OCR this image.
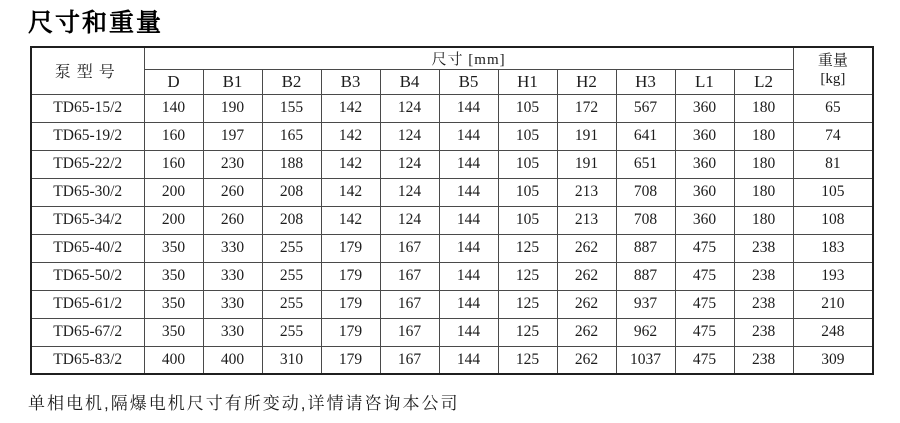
尺寸和重量
泵型号	尺寸 [mm]											重量
[kg]
	D	B1	B2	B3	B4	B5	H1	H2	H3	L1	L2	
TD65-15/2	140	190	155	142	124	144	105	172	567	360	180	65
TD65-19/2	160	197	165	142	124	144	105	191	641	360	180	74
TD65-22/2	160	230	188	142	124	144	105	191	651	360	180	81
TD65-30/2	200	260	208	142	124	144	105	213	708	360	180	105
TD65-34/2	200	260	208	142	124	144	105	213	708	360	180	108
TD65-40/2	350	330	255	179	167	144	125	262	887	475	238	183
TD65-50/2	350	330	255	179	167	144	125	262	887	475	238	193
TD65-61/2	350	330	255	179	167	144	125	262	937	475	238	210
TD65-67/2	350	330	255	179	167	144	125	262	962	475	238	248
TD65-83/2	400	400	310	179	167	144	125	262	1037	475	238	309

单相电机,隔爆电机尺寸有所变动,详情请咨询本公司
